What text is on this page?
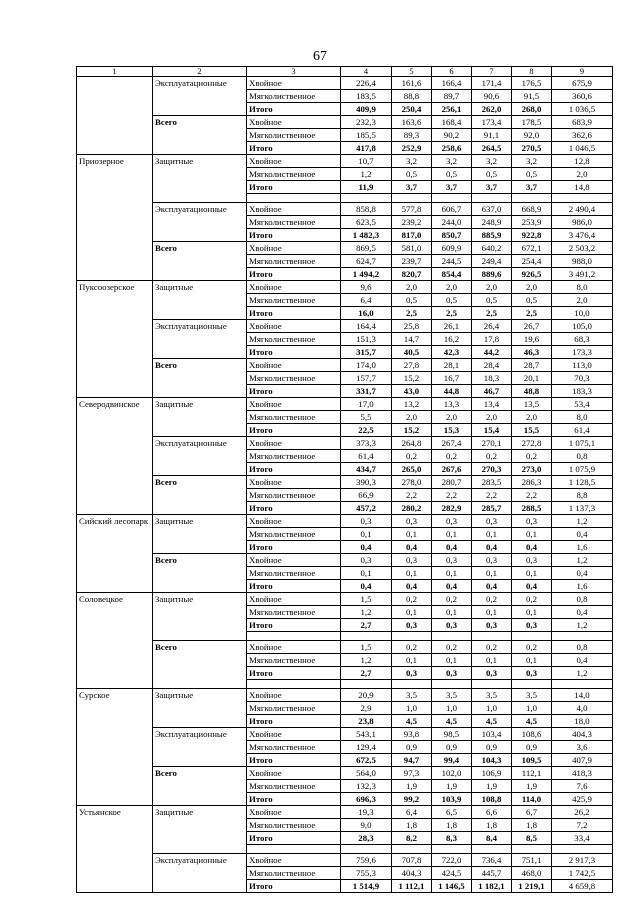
67
1	2	3	4	5	6	7	8	9
	Эксплуатационные	Хвойное	226,4	161,6	166,4	171,4	176,5	675,9
		Мягколиственное	183,5	88,8	89,7	90,6	91,5	360,6
		Итого	409,9	250,4	256,1	262,0	268,0	1 036,5
	Всего	Хвойное	232,3	163,6	168,4	173,4	178,5	683,9
		Мягколиственное	185,5	89,3	90,2	91,1	92,0	362,6
		Итого	417,8	252,9	258,6	264,5	270,5	1 046,5
Приозерное	Защитные	Хвойное	10,7	3,2	3,2	3,2	3,2	12,8
		Мягколиственное	1,2	0,5	0,5	0,5	0,5	2,0
		Итого	11,9	3,7	3,7	3,7	3,7	14,8

	Эксплуатационные	Хвойное	858,8	577,8	606,7	637,0	668,9	2 490,4
		Мягколиственное	623,5	239,2	244,0	248,9	253,9	986,0
		Итого	1 482,3	817,0	850,7	885,9	922,8	3 476,4
	Всего	Хвойное	869,5	581,0	609,9	640,2	672,1	2 503,2
		Мягколиственное	624,7	239,7	244,5	249,4	254,4	988,0
		Итого	1 494,2	820,7	854,4	889,6	926,5	3 491,2
Пуксоозерское	Защитные	Хвойное	9,6	2,0	2,0	2,0	2,0	8,0
		Мягколиственное	6,4	0,5	0,5	0,5	0,5	2,0
		Итого	16,0	2,5	2,5	2,5	2,5	10,0
	Эксплуатационные	Хвойное	164,4	25,8	26,1	26,4	26,7	105,0
		Мягколиственное	151,3	14,7	16,2	17,8	19,6	68,3
		Итого	315,7	40,5	42,3	44,2	46,3	173,3
	Всего	Хвойное	174,0	27,8	28,1	28,4	28,7	113,0
		Мягколиственное	157,7	15,2	16,7	18,3	20,1	70,3
		Итого	331,7	43,0	44,8	46,7	48,8	183,3
Северодвинское	Защитные	Хвойное	17,0	13,2	13,3	13,4	13,5	53,4
		Мягколиственное	5,5	2,0	2,0	2,0	2,0	8,0
		Итого	22,5	15,2	15,3	15,4	15,5	61,4
	Эксплуатационные	Хвойное	373,3	264,8	267,4	270,1	272,8	1 075,1
		Мягколиственное	61,4	0,2	0,2	0,2	0,2	0,8
		Итого	434,7	265,0	267,6	270,3	273,0	1 075,9
	Всего	Хвойное	390,3	278,0	280,7	283,5	286,3	1 128,5
		Мягколиственное	66,9	2,2	2,2	2,2	2,2	8,8
		Итого	457,2	280,2	282,9	285,7	288,5	1 137,3
Сийский лесопарк	Защитные	Хвойное	0,3	0,3	0,3	0,3	0,3	1,2
		Мягколиственное	0,1	0,1	0,1	0,1	0,1	0,4
		Итого	0,4	0,4	0,4	0,4	0,4	1,6
	Всего	Хвойное	0,3	0,3	0,3	0,3	0,3	1,2
		Мягколиственное	0,1	0,1	0,1	0,1	0,1	0,4
		Итого	0,4	0,4	0,4	0,4	0,4	1,6
Соловецкое	Защитные	Хвойное	1,5	0,2	0,2	0,2	0,2	0,8
		Мягколиственное	1,2	0,1	0,1	0,1	0,1	0,4
		Итого	2,7	0,3	0,3	0,3	0,3	1,2

	Всего	Хвойное	1,5	0,2	0,2	0,2	0,2	0,8
		Мягколиственное	1,2	0,1	0,1	0,1	0,1	0,4
		Итого	2,7	0,3	0,3	0,3	0,3	1,2

Сурское	Защитные	Хвойное	20,9	3,5	3,5	3,5	3,5	14,0
		Мягколиственное	2,9	1,0	1,0	1,0	1,0	4,0
		Итого	23,8	4,5	4,5	4,5	4,5	18,0
	Эксплуатационные	Хвойное	543,1	93,8	98,5	103,4	108,6	404,3
		Мягколиственное	129,4	0,9	0,9	0,9	0,9	3,6
		Итого	672,5	94,7	99,4	104,3	109,5	407,9
	Всего	Хвойное	564,0	97,3	102,0	106,9	112,1	418,3
		Мягколиственное	132,3	1,9	1,9	1,9	1,9	7,6
		Итого	696,3	99,2	103,9	108,8	114,0	425,9
Устьянское	Защитные	Хвойное	19,3	6,4	6,5	6,6	6,7	26,2
		Мягколиственное	9,0	1,8	1,8	1,8	1,8	7,2
		Итого	28,3	8,2	8,3	8,4	8,5	33,4

	Эксплуатационные	Хвойное	759,6	707,8	722,0	736,4	751,1	2 917,3
		Мягколиственное	755,3	404,3	424,5	445,7	468,0	1 742,5
		Итого	1 514,9	1 112,1	1 146,5	1 182,1	1 219,1	4 659,8
